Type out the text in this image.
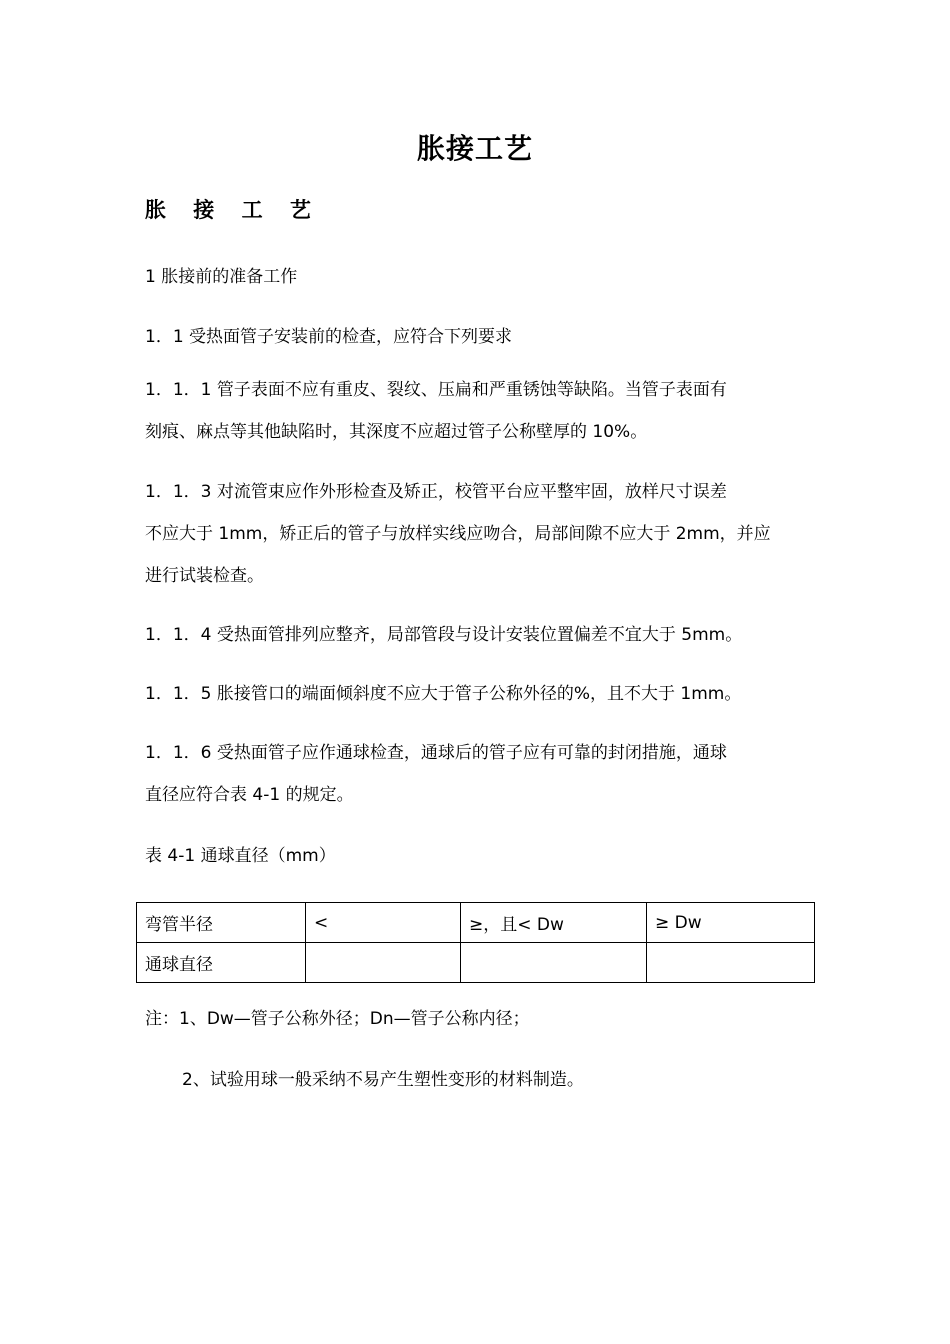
胀接工艺
胀 接 工 艺
1 胀接前的准备工作
1．1 受热面管子安装前的检查，应符合下列要求
1．1．1 管子表面不应有重皮、裂纹、压扁和严重锈蚀等缺陷。当管子表面有
刻痕、麻点等其他缺陷时，其深度不应超过管子公称壁厚的 10%。
1．1．3 对流管束应作外形检查及矫正，校管平台应平整牢固，放样尺寸误差
不应大于 1mm，矫正后的管子与放样实线应吻合，局部间隙不应大于 2mm，并应
进行试装检查。
1．1．4 受热面管排列应整齐，局部管段与设计安装位置偏差不宜大于 5mm。
1．1．5 胀接管口的端面倾斜度不应大于管子公称外径的%，且不大于 1mm。
1．1．6 受热面管子应作通球检查，通球后的管子应有可靠的封闭措施，通球
直径应符合表 4-1 的规定。
表 4-1 通球直径（mm）
弯管半径	<	≥，且< Dw	≥ Dw
通球直径			
注：1、Dw—管子公称外径；Dn—管子公称内径；
2、试验用球一般采纳不易产生塑性变形的材料制造。
